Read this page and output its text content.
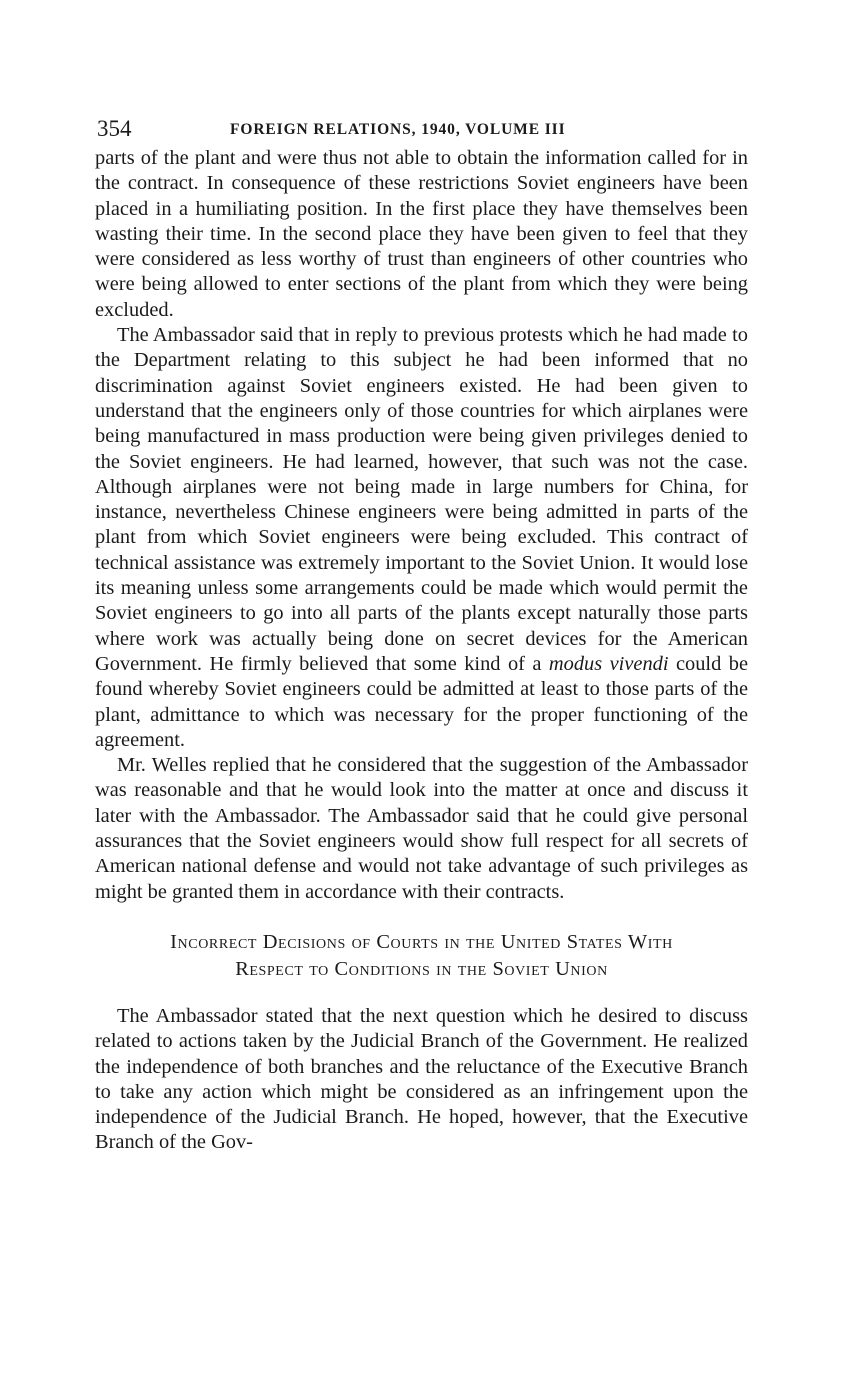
354	FOREIGN RELATIONS, 1940, VOLUME III

parts of the plant and were thus not able to obtain the information called for in the contract. In consequence of these restrictions Soviet engineers have been placed in a humiliating position. In the first place they have themselves been wasting their time. In the second place they have been given to feel that they were considered as less worthy of trust than engineers of other countries who were being allowed to enter sections of the plant from which they were being excluded.

The Ambassador said that in reply to previous protests which he had made to the Department relating to this subject he had been informed that no discrimination against Soviet engineers existed. He had been given to understand that the engineers only of those countries for which airplanes were being manufactured in mass production were being given privileges denied to the Soviet engineers. He had learned, however, that such was not the case. Although airplanes were not being made in large numbers for China, for instance, nevertheless Chinese engineers were being admitted in parts of the plant from which Soviet engineers were being excluded. This contract of technical assistance was extremely important to the Soviet Union. It would lose its meaning unless some arrangements could be made which would permit the Soviet engineers to go into all parts of the plants except naturally those parts where work was actually being done on secret devices for the American Government. He firmly believed that some kind of a modus vivendi could be found whereby Soviet engineers could be admitted at least to those parts of the plant, admittance to which was necessary for the proper functioning of the agreement.

Mr. Welles replied that he considered that the suggestion of the Ambassador was reasonable and that he would look into the matter at once and discuss it later with the Ambassador. The Ambassador said that he could give personal assurances that the Soviet engineers would show full respect for all secrets of American national defense and would not take advantage of such privileges as might be granted them in accordance with their contracts.

Incorrect Decisions of Courts in the United States With
Respect to Conditions in the Soviet Union

The Ambassador stated that the next question which he desired to discuss related to actions taken by the Judicial Branch of the Government. He realized the independence of both branches and the reluctance of the Executive Branch to take any action which might be considered as an infringement upon the independence of the Judicial Branch. He hoped, however, that the Executive Branch of the Gov-
